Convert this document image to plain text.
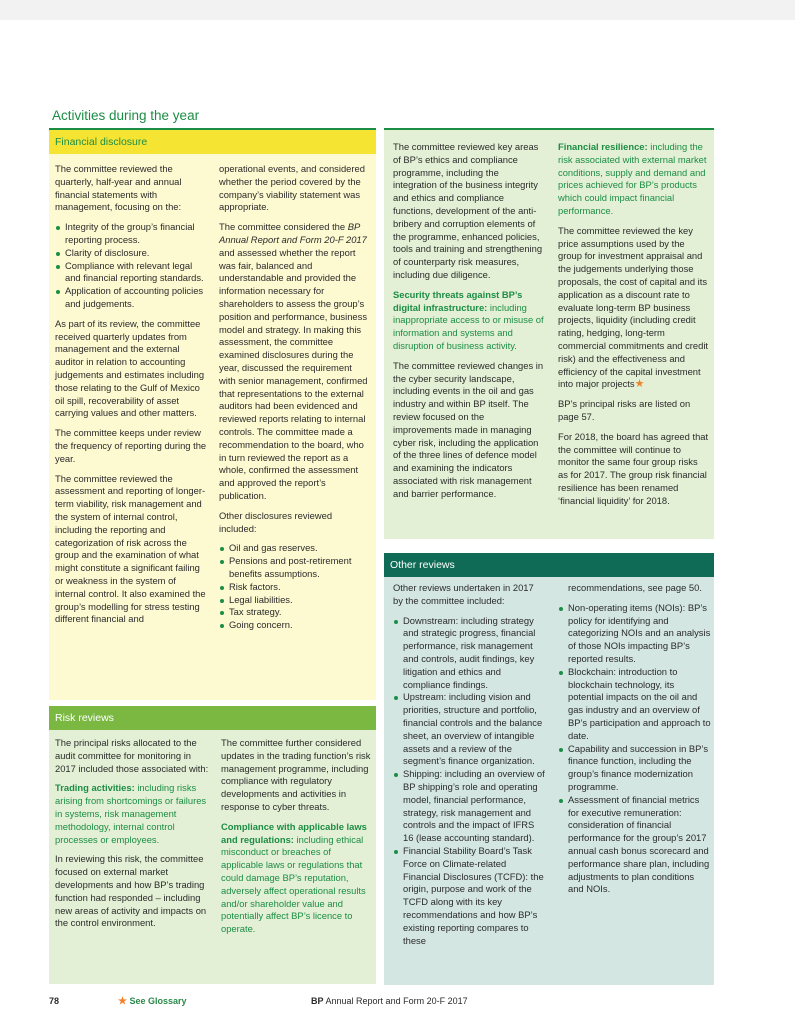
Activities during the year
Financial disclosure

The committee reviewed the quarterly, half-year and annual financial statements with management, focusing on the:

Integrity of the group’s financial reporting process.
Clarity of disclosure.
Compliance with relevant legal and financial reporting standards.
Application of accounting policies and judgements.

As part of its review, the committee received quarterly updates from management and the external auditor in relation to accounting judgements and estimates including those relating to the Gulf of Mexico oil spill, recoverability of asset carrying values and other matters.

The committee keeps under review the frequency of reporting during the year.

The committee reviewed the assessment and reporting of longer-term viability, risk management and the system of internal control, including the reporting and categorization of risk across the group and the examination of what might constitute a significant failing or weakness in the system of internal control. It also examined the group’s modelling for stress testing different financial and

operational events, and considered whether the period covered by the company’s viability statement was appropriate.

The committee considered the BP Annual Report and Form 20-F 2017 and assessed whether the report was fair, balanced and understandable and provided the information necessary for shareholders to assess the group’s position and performance, business model and strategy. In making this assessment, the committee examined disclosures during the year, discussed the requirement with senior management, confirmed that representations to the external auditors had been evidenced and reviewed reports relating to internal controls. The committee made a recommendation to the board, who in turn reviewed the report as a whole, confirmed the assessment and approved the report’s publication.

Other disclosures reviewed included:

Oil and gas reserves.
Pensions and post-retirement benefits assumptions.
Risk factors.
Legal liabilities.
Tax strategy.
Going concern.
Risk reviews

The principal risks allocated to the audit committee for monitoring in 2017 included those associated with:

Trading activities: including risks arising from shortcomings or failures in systems, risk management methodology, internal control processes or employees.

In reviewing this risk, the committee focused on external market developments and how BP’s trading function had responded – including new areas of activity and impacts on the control environment.

The committee further considered updates in the trading function’s risk management programme, including compliance with regulatory developments and activities in response to cyber threats.

Compliance with applicable laws and regulations: including ethical misconduct or breaches of applicable laws or regulations that could damage BP’s reputation, adversely affect operational results and/or shareholder value and potentially affect BP’s licence to operate.

The committee reviewed key areas of BP’s ethics and compliance programme, including the integration of the business integrity and ethics and compliance functions, development of the anti-bribery and corruption elements of the programme, enhanced policies, tools and training and strengthening of counterparty risk measures, including due diligence.

Security threats against BP’s digital infrastructure: including inappropriate access to or misuse of information and systems and disruption of business activity.

The committee reviewed changes in the cyber security landscape, including events in the oil and gas industry and within BP itself. The review focused on the improvements made in managing cyber risk, including the application of the three lines of defence model and examining the indicators associated with risk management and barrier performance.

Financial resilience: including the risk associated with external market conditions, supply and demand and prices achieved for BP’s products which could impact financial performance.

The committee reviewed the key price assumptions used by the group for investment appraisal and the judgements underlying those proposals, the cost of capital and its application as a discount rate to evaluate long-term BP business projects, liquidity (including credit rating, hedging, long-term commercial commitments and credit risk) and the effectiveness and efficiency of the capital investment into major projects★

BP’s principal risks are listed on page 57.

For 2018, the board has agreed that the committee will continue to monitor the same four group risks as for 2017. The group risk financial resilience has been renamed ‘financial liquidity’ for 2018.

Other reviews

Other reviews undertaken in 2017 by the committee included:

Downstream: including strategy and strategic progress, financial performance, risk management and controls, audit findings, key litigation and ethics and compliance findings.
Upstream: including vision and priorities, structure and portfolio, financial controls and the balance sheet, an overview of intangible assets and a review of the segment’s finance organization.
Shipping: including an overview of BP shipping’s role and operating model, financial performance, strategy, risk management and controls and the impact of IFRS 16 (lease accounting standard).
Financial Stability Board’s Task Force on Climate-related Financial Disclosures (TCFD): the origin, purpose and work of the TCFD along with its key recommendations and how BP’s existing reporting compares to these

recommendations, see page 50.

Non-operating items (NOIs): BP’s policy for identifying and categorizing NOIs and an analysis of those NOIs impacting BP’s reported results.
Blockchain: introduction to blockchain technology, its potential impacts on the oil and gas industry and an overview of BP’s participation and approach to date.
Capability and succession in BP’s finance function, including the group’s finance modernization programme.
Assessment of financial metrics for executive remuneration: consideration of financial performance for the group’s 2017 annual cash bonus scorecard and performance share plan, including adjustments to plan conditions and NOIs.
78	★ See Glossary	BP Annual Report and Form 20-F 2017
